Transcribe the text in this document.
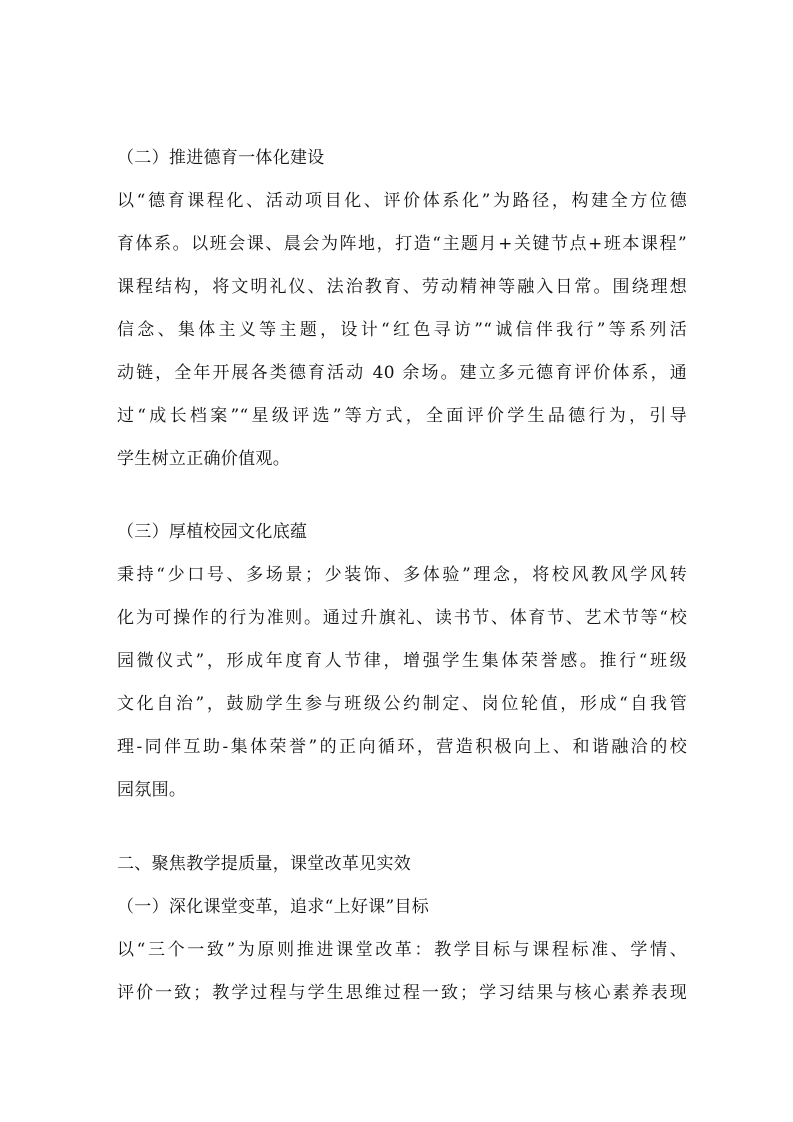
（二）推进德育一体化建设
以“德育课程化、活动项目化、评价体系化”为路径，构建全方位德
育体系。以班会课、晨会为阵地，打造“主题月+关键节点+班本课程”
课程结构，将文明礼仪、法治教育、劳动精神等融入日常。围绕理想
信念、集体主义等主题，设计“红色寻访”“诚信伴我行”等系列活
动链，全年开展各类德育活动 40 余场。建立多元德育评价体系，通
过“成长档案”“星级评选”等方式，全面评价学生品德行为，引导
学生树立正确价值观。
（三）厚植校园文化底蕴
秉持“少口号、多场景；少装饰、多体验”理念，将校风教风学风转
化为可操作的行为准则。通过升旗礼、读书节、体育节、艺术节等“校
园微仪式”，形成年度育人节律，增强学生集体荣誉感。推行“班级
文化自治”，鼓励学生参与班级公约制定、岗位轮值，形成“自我管
理-同伴互助-集体荣誉”的正向循环，营造积极向上、和谐融洽的校
园氛围。
二、聚焦教学提质量，课堂改革见实效
（一）深化课堂变革，追求“上好课”目标
以“三个一致”为原则推进课堂改革：教学目标与课程标准、学情、
评价一致；教学过程与学生思维过程一致；学习结果与核心素养表现
